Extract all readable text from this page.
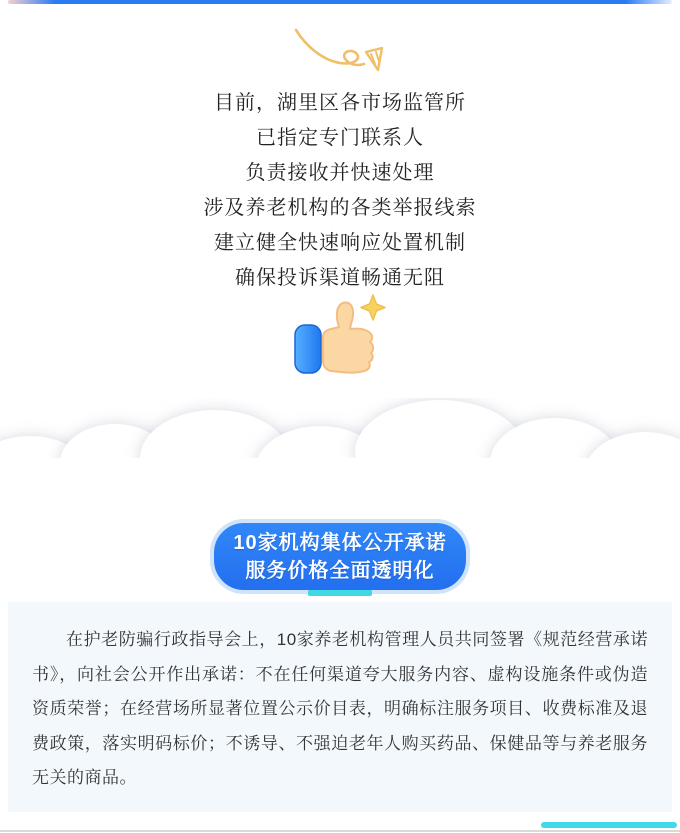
目前，湖里区各市场监管所
已指定专门联系人
负责接收并快速处理
涉及养老机构的各类举报线索
建立健全快速响应处置机制
确保投诉渠道畅通无阻
10家机构集体公开承诺
服务价格全面透明化

在护老防骗行政指导会上，10家养老机构管理人员共同签署《规范经营承诺书》，向社会公开作出承诺：不在任何渠道夸大服务内容、虚构设施条件或伪造资质荣誉；在经营场所显著位置公示价目表，明确标注服务项目、收费标准及退费政策，落实明码标价；不诱导、不强迫老年人购买药品、保健品等与养老服务无关的商品。
